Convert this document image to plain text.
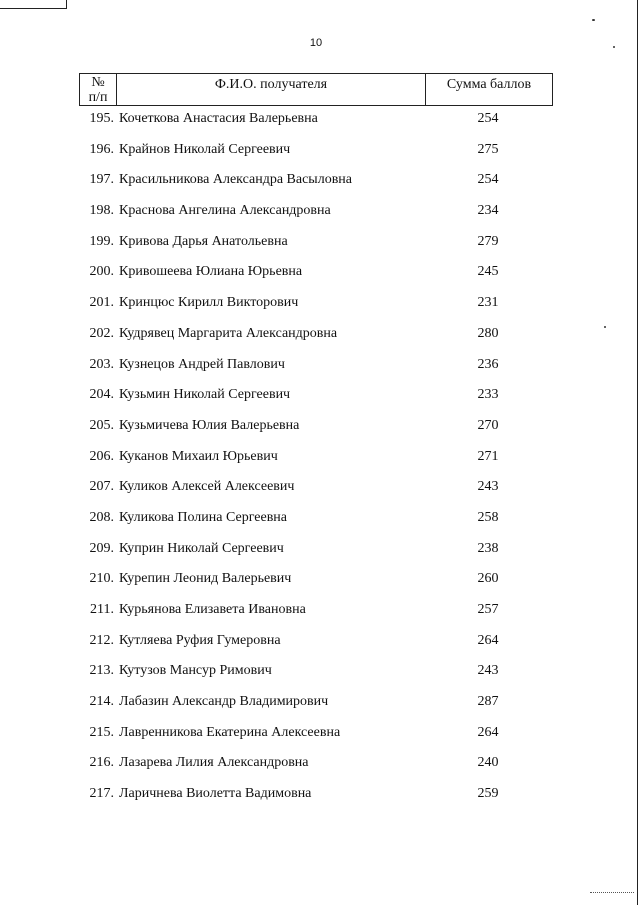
10
№
п/п
Ф.И.О. получателя	Сумма баллов
195. Кочеткова Анастасия Валерьевна	254
196. Крайнов Николай Сергеевич	275
197. Красильникова Александра Васыловна	254
198. Краснова Ангелина Александровна	234
199. Кривова Дарья Анатольевна	279
200. Кривошеева Юлиана Юрьевна	245
201. Кринцюс Кирилл Викторович	231
202. Кудрявец Маргарита Александровна	280
203. Кузнецов Андрей Павлович	236
204. Кузьмин Николай Сергеевич	233
205. Кузьмичева Юлия Валерьевна	270
206. Куканов Михаил Юрьевич	271
207. Куликов Алексей Алексеевич	243
208. Куликова Полина Сергеевна	258
209. Куприн Николай Сергеевич	238
210. Курепин Леонид Валерьевич	260
211. Курьянова Елизавета Ивановна	257
212. Кутляева Руфия Гумеровна	264
213. Кутузов Мансур Римович	243
214. Лабазин Александр Владимирович	287
215. Лавренникова Екатерина Алексеевна	264
216. Лазарева Лилия Александровна	240
217. Ларичнева Виолетта Вадимовна	259
